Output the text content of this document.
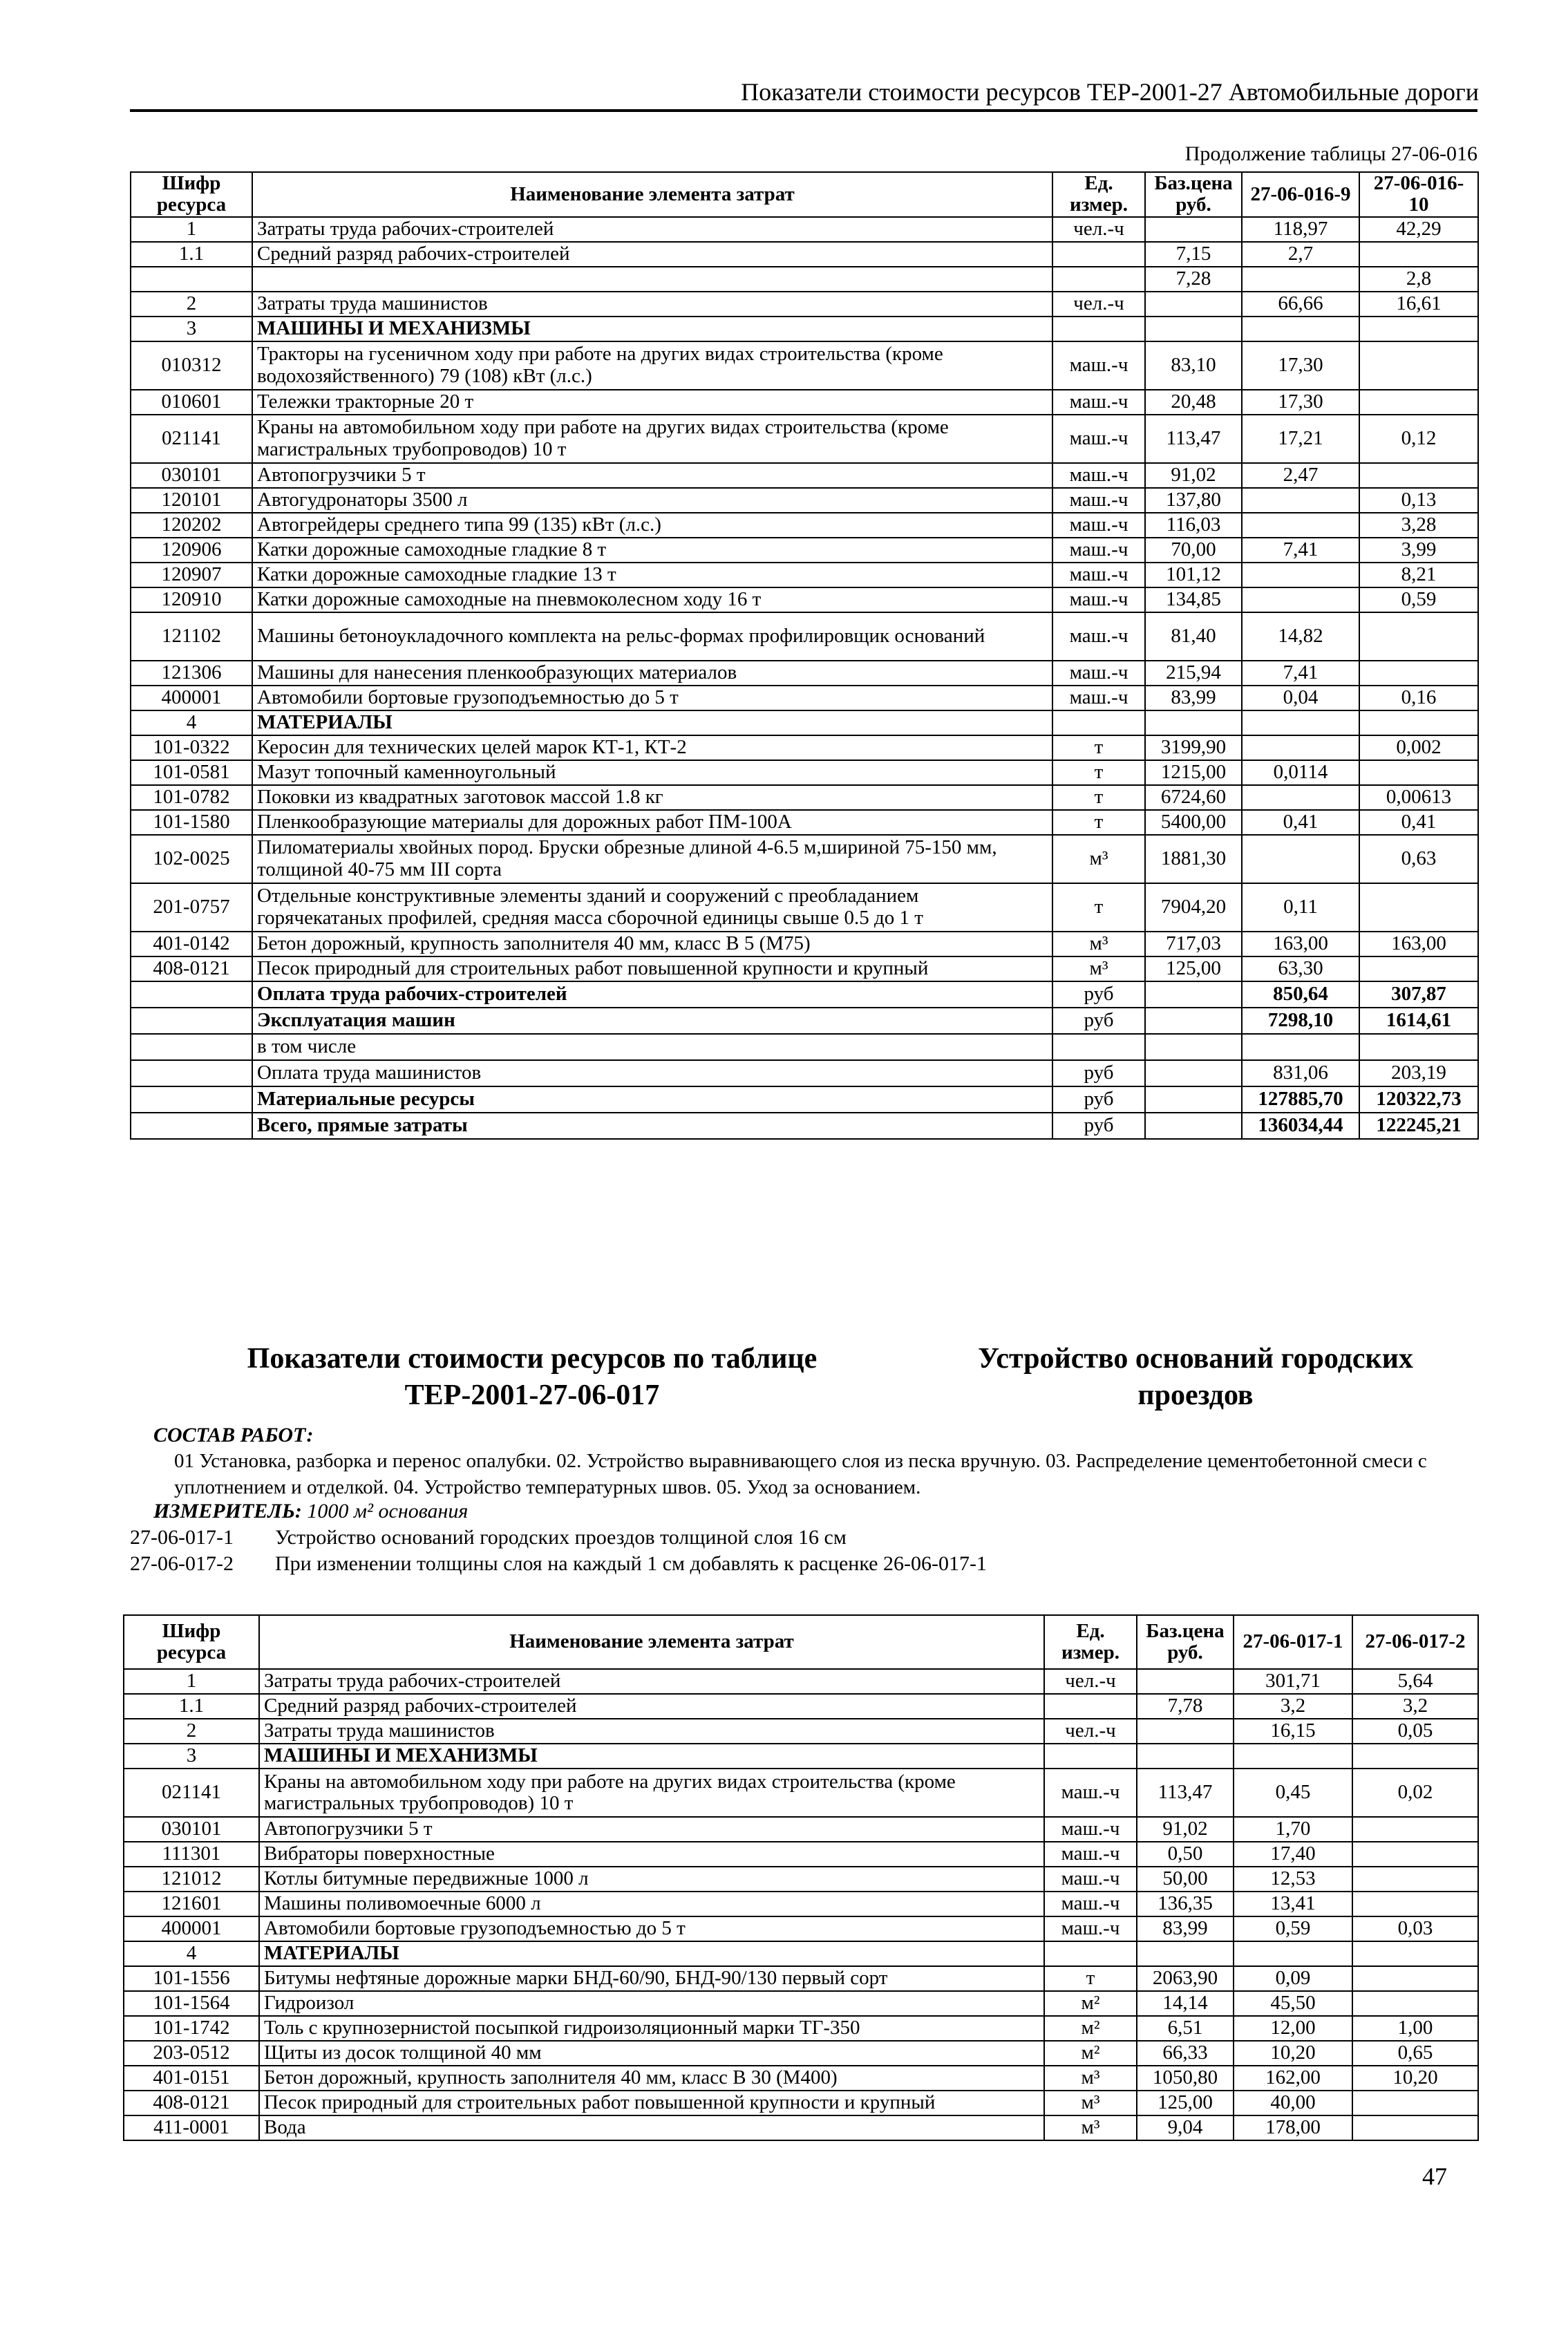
Показатели стоимости ресурсов ТЕР-2001-27 Автомобильные дороги
Продолжение таблицы 27-06-016
Шифр ресурса	Наименование элемента затрат	Ед. измер.	Баз.цена руб.	27-06-016-9	27-06-016-10
1	Затраты труда рабочих-строителей	чел.-ч		118,97	42,29
1.1	Средний разряд рабочих-строителей		7,15	2,7	
			7,28		2,8
2	Затраты труда машинистов	чел.-ч		66,66	16,61
3	МАШИНЫ И МЕХАНИЗМЫ				
010312	Тракторы на гусеничном ходу при работе на других видах строительства (кроме водохозяйственного) 79 (108) кВт (л.с.)	маш.-ч	83,10	17,30	
010601	Тележки тракторные 20 т	маш.-ч	20,48	17,30	
021141	Краны на автомобильном ходу при работе на других видах строительства (кроме магистральных трубопроводов) 10 т	маш.-ч	113,47	17,21	0,12
030101	Автопогрузчики 5 т	маш.-ч	91,02	2,47	
120101	Автогудронаторы 3500 л	маш.-ч	137,80		0,13
120202	Автогрейдеры среднего типа 99 (135) кВт (л.с.)	маш.-ч	116,03		3,28
120906	Катки дорожные самоходные гладкие 8 т	маш.-ч	70,00	7,41	3,99
120907	Катки дорожные самоходные гладкие 13 т	маш.-ч	101,12		8,21
120910	Катки дорожные самоходные на пневмоколесном ходу 16 т	маш.-ч	134,85		0,59
121102	Машины бетоноукладочного комплекта на рельс-формах профилировщик оснований	маш.-ч	81,40	14,82	
121306	Машины для нанесения пленкообразующих материалов	маш.-ч	215,94	7,41	
400001	Автомобили бортовые грузоподъемностью до 5 т	маш.-ч	83,99	0,04	0,16
4	МАТЕРИАЛЫ				
101-0322	Керосин для технических целей марок КТ-1, КТ-2	т	3199,90		0,002
101-0581	Мазут топочный каменноугольный	т	1215,00	0,0114	
101-0782	Поковки из квадратных заготовок массой 1.8 кг	т	6724,60		0,00613
101-1580	Пленкообразующие материалы для дорожных работ ПМ-100А	т	5400,00	0,41	0,41
102-0025	Пиломатериалы хвойных пород. Бруски обрезные длиной 4-6.5 м,шириной 75-150 мм, толщиной 40-75 мм III сорта	м³	1881,30		0,63
201-0757	Отдельные конструктивные элементы зданий и сооружений с преобладанием горячекатаных профилей, средняя масса сборочной единицы свыше 0.5 до 1 т	т	7904,20	0,11	
401-0142	Бетон дорожный, крупность заполнителя 40 мм, класс В 5 (М75)	м³	717,03	163,00	163,00
408-0121	Песок природный для строительных работ повышенной крупности и крупный	м³	125,00	63,30	
	Оплата труда рабочих-строителей	руб		850,64	307,87
	Эксплуатация машин	руб		7298,10	1614,61
	в том числе				
	Оплата труда машинистов	руб		831,06	203,19
	Материальные ресурсы	руб		127885,70	120322,73
	Всего, прямые затраты	руб		136034,44	122245,21
Показатели стоимости ресурсов по таблице ТЕР-2001-27-06-017
Устройство оснований городских проездов
СОСТАВ РАБОТ:
01 Установка, разборка и перенос опалубки. 02. Устройство выравнивающего слоя из песка вручную. 03. Распределение цементобетонной смеси с уплотнением и отделкой. 04. Устройство температурных швов. 05. Уход за основанием.
ИЗМЕРИТЕЛЬ: 1000 м² основания
27-06-017-1 Устройство оснований городских проездов толщиной слоя 16 см
27-06-017-2 При изменении толщины слоя на каждый 1 см добавлять к расценке 26-06-017-1
Шифр ресурса	Наименование элемента затрат	Ед. измер.	Баз.цена руб.	27-06-017-1	27-06-017-2
1	Затраты труда рабочих-строителей	чел.-ч		301,71	5,64
1.1	Средний разряд рабочих-строителей		7,78	3,2	3,2
2	Затраты труда машинистов	чел.-ч		16,15	0,05
3	МАШИНЫ И МЕХАНИЗМЫ				
021141	Краны на автомобильном ходу при работе на других видах строительства (кроме магистральных трубопроводов) 10 т	маш.-ч	113,47	0,45	0,02
030101	Автопогрузчики 5 т	маш.-ч	91,02	1,70	
111301	Вибраторы поверхностные	маш.-ч	0,50	17,40	
121012	Котлы битумные передвижные 1000 л	маш.-ч	50,00	12,53	
121601	Машины поливомоечные 6000 л	маш.-ч	136,35	13,41	
400001	Автомобили бортовые грузоподъемностью до 5 т	маш.-ч	83,99	0,59	0,03
4	МАТЕРИАЛЫ				
101-1556	Битумы нефтяные дорожные марки БНД-60/90, БНД-90/130 первый сорт	т	2063,90	0,09	
101-1564	Гидроизол	м²	14,14	45,50	
101-1742	Толь с крупнозернистой посыпкой гидроизоляционный марки ТГ-350	м²	6,51	12,00	1,00
203-0512	Щиты из досок толщиной 40 мм	м²	66,33	10,20	0,65
401-0151	Бетон дорожный, крупность заполнителя 40 мм, класс В 30 (М400)	м³	1050,80	162,00	10,20
408-0121	Песок природный для строительных работ повышенной крупности и крупный	м³	125,00	40,00	
411-0001	Вода	м³	9,04	178,00	
47
